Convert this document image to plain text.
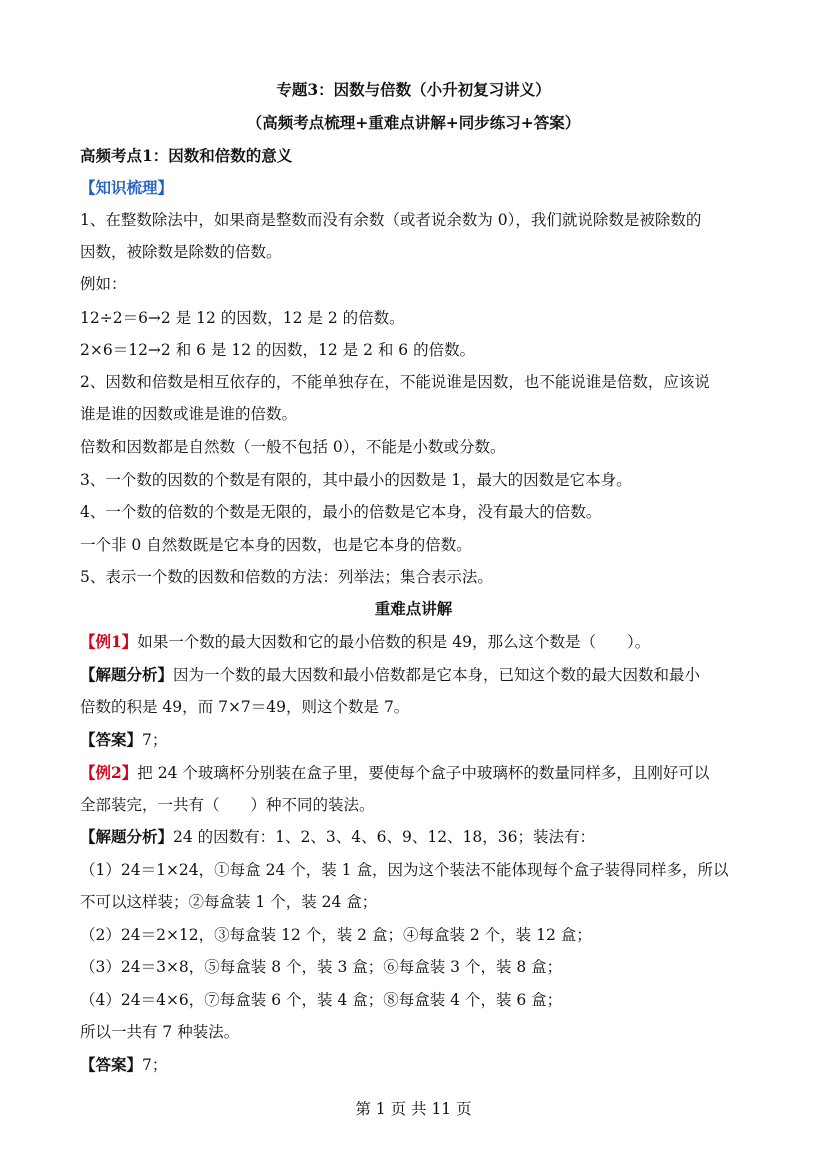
专题3：因数与倍数（小升初复习讲义）
（高频考点梳理+重难点讲解+同步练习+答案）
高频考点1：因数和倍数的意义
【知识梳理】
1、在整数除法中，如果商是整数而没有余数（或者说余数为 0），我们就说除数是被除数的
因数，被除数是除数的倍数。
例如：
12÷2＝6→2 是 12 的因数，12 是 2 的倍数。
2×6＝12→2 和 6 是 12 的因数，12 是 2 和 6 的倍数。
2、因数和倍数是相互依存的，不能单独存在，不能说谁是因数，也不能说谁是倍数，应该说
谁是谁的因数或谁是谁的倍数。
倍数和因数都是自然数（一般不包括 0），不能是小数或分数。
3、一个数的因数的个数是有限的，其中最小的因数是 1，最大的因数是它本身。
4、一个数的倍数的个数是无限的，最小的倍数是它本身，没有最大的倍数。
一个非 0 自然数既是它本身的因数，也是它本身的倍数。
5、表示一个数的因数和倍数的方法：列举法；集合表示法。
重难点讲解
【例1】如果一个数的最大因数和它的最小倍数的积是 49，那么这个数是（　　）。
【解题分析】因为一个数的最大因数和最小倍数都是它本身，已知这个数的最大因数和最小
倍数的积是 49，而 7×7＝49，则这个数是 7。
【答案】7；
【例2】把 24 个玻璃杯分别装在盒子里，要使每个盒子中玻璃杯的数量同样多，且刚好可以
全部装完，一共有（　　）种不同的装法。
【解题分析】24 的因数有：1、2、3、4、6、9、12、18，36；装法有：
（1）24＝1×24，①每盒 24 个，装 1 盒，因为这个装法不能体现每个盒子装得同样多，所以
不可以这样装；②每盒装 1 个，装 24 盒；
（2）24＝2×12，③每盒装 12 个，装 2 盒；④每盒装 2 个，装 12 盒；
（3）24＝3×8，⑤每盒装 8 个，装 3 盒；⑥每盒装 3 个，装 8 盒；
（4）24＝4×6，⑦每盒装 6 个，装 4 盒；⑧每盒装 4 个，装 6 盒；
所以一共有 7 种装法。
【答案】7；
第 1 页 共 11 页
